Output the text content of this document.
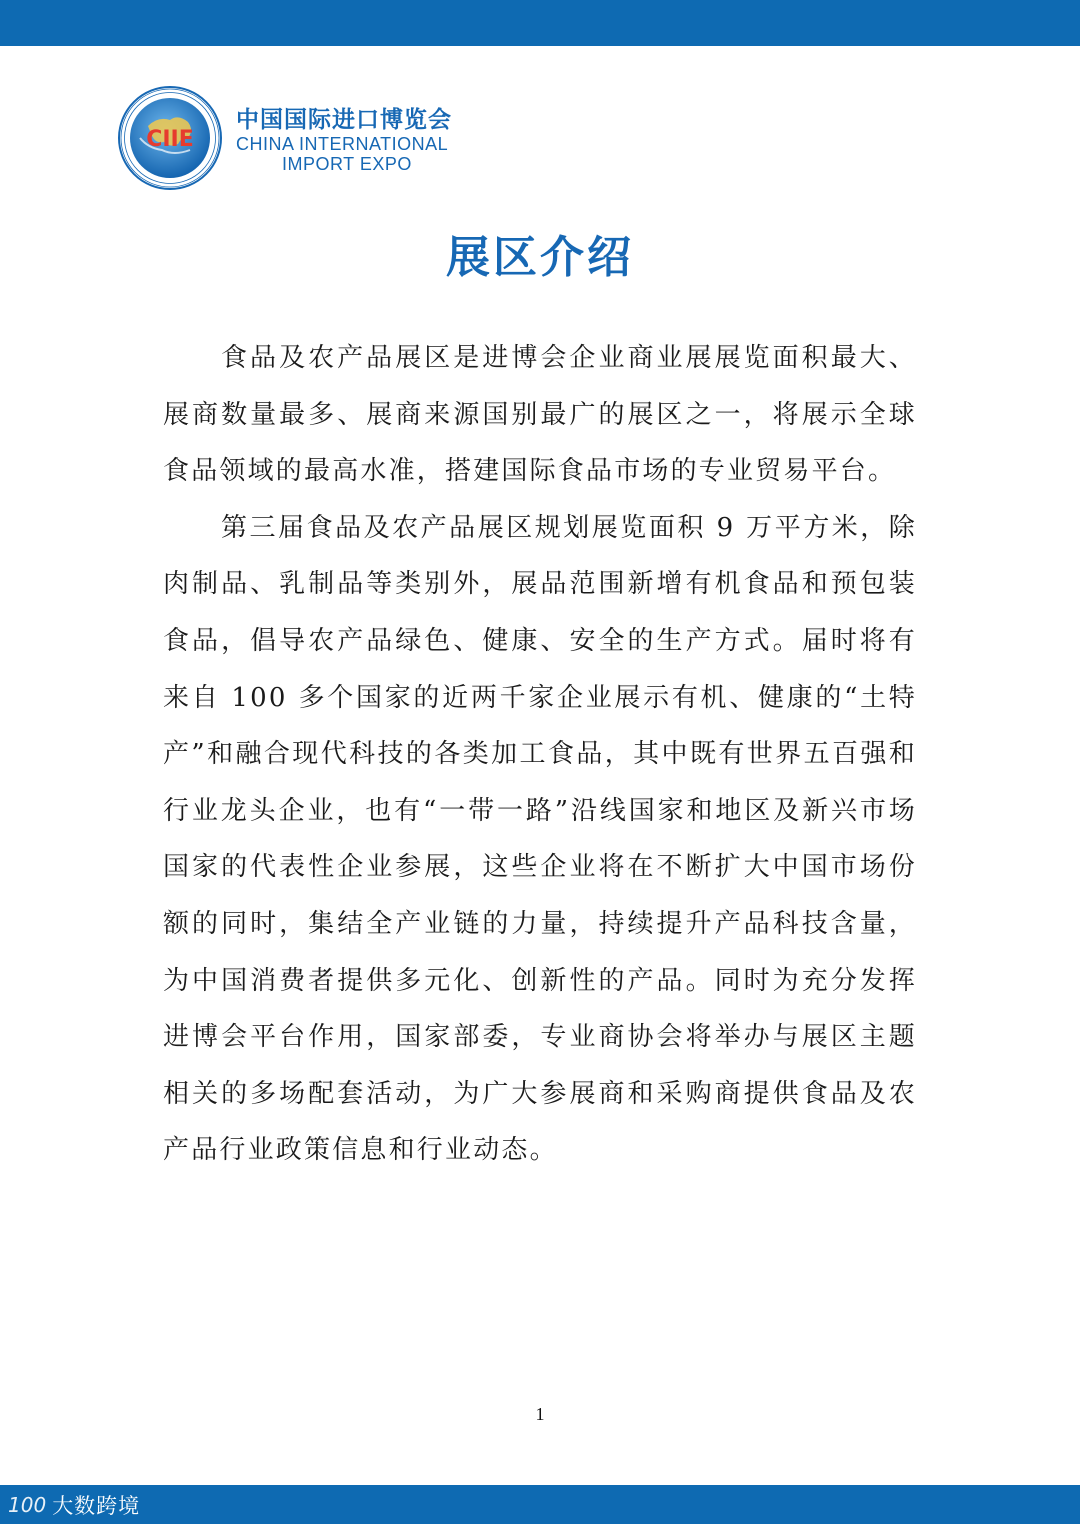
CIIE
中国国际进口博览会
CHINA INTERNATIONAL
IMPORT EXPO
展区介绍

食品及农产品展区是进博会企业商业展展览面积最大、展商数量最多、展商来源国别最广的展区之一，将展示全球食品领域的最高水准，搭建国际食品市场的专业贸易平台。

第三届食品及农产品展区规划展览面积 9 万平方米，除肉制品、乳制品等类别外，展品范围新增有机食品和预包装食品，倡导农产品绿色、健康、安全的生产方式。届时将有来自 100 多个国家的近两千家企业展示有机、健康的“土特产”和融合现代科技的各类加工食品，其中既有世界五百强和行业龙头企业，也有“一带一路”沿线国家和地区及新兴市场国家的代表性企业参展，这些企业将在不断扩大中国市场份额的同时，集结全产业链的力量，持续提升产品科技含量，为中国消费者提供多元化、创新性的产品。同时为充分发挥进博会平台作用，国家部委，专业商协会将举办与展区主题相关的多场配套活动，为广大参展商和采购商提供食品及农产品行业政策信息和行业动态。

1
100 大数跨境
